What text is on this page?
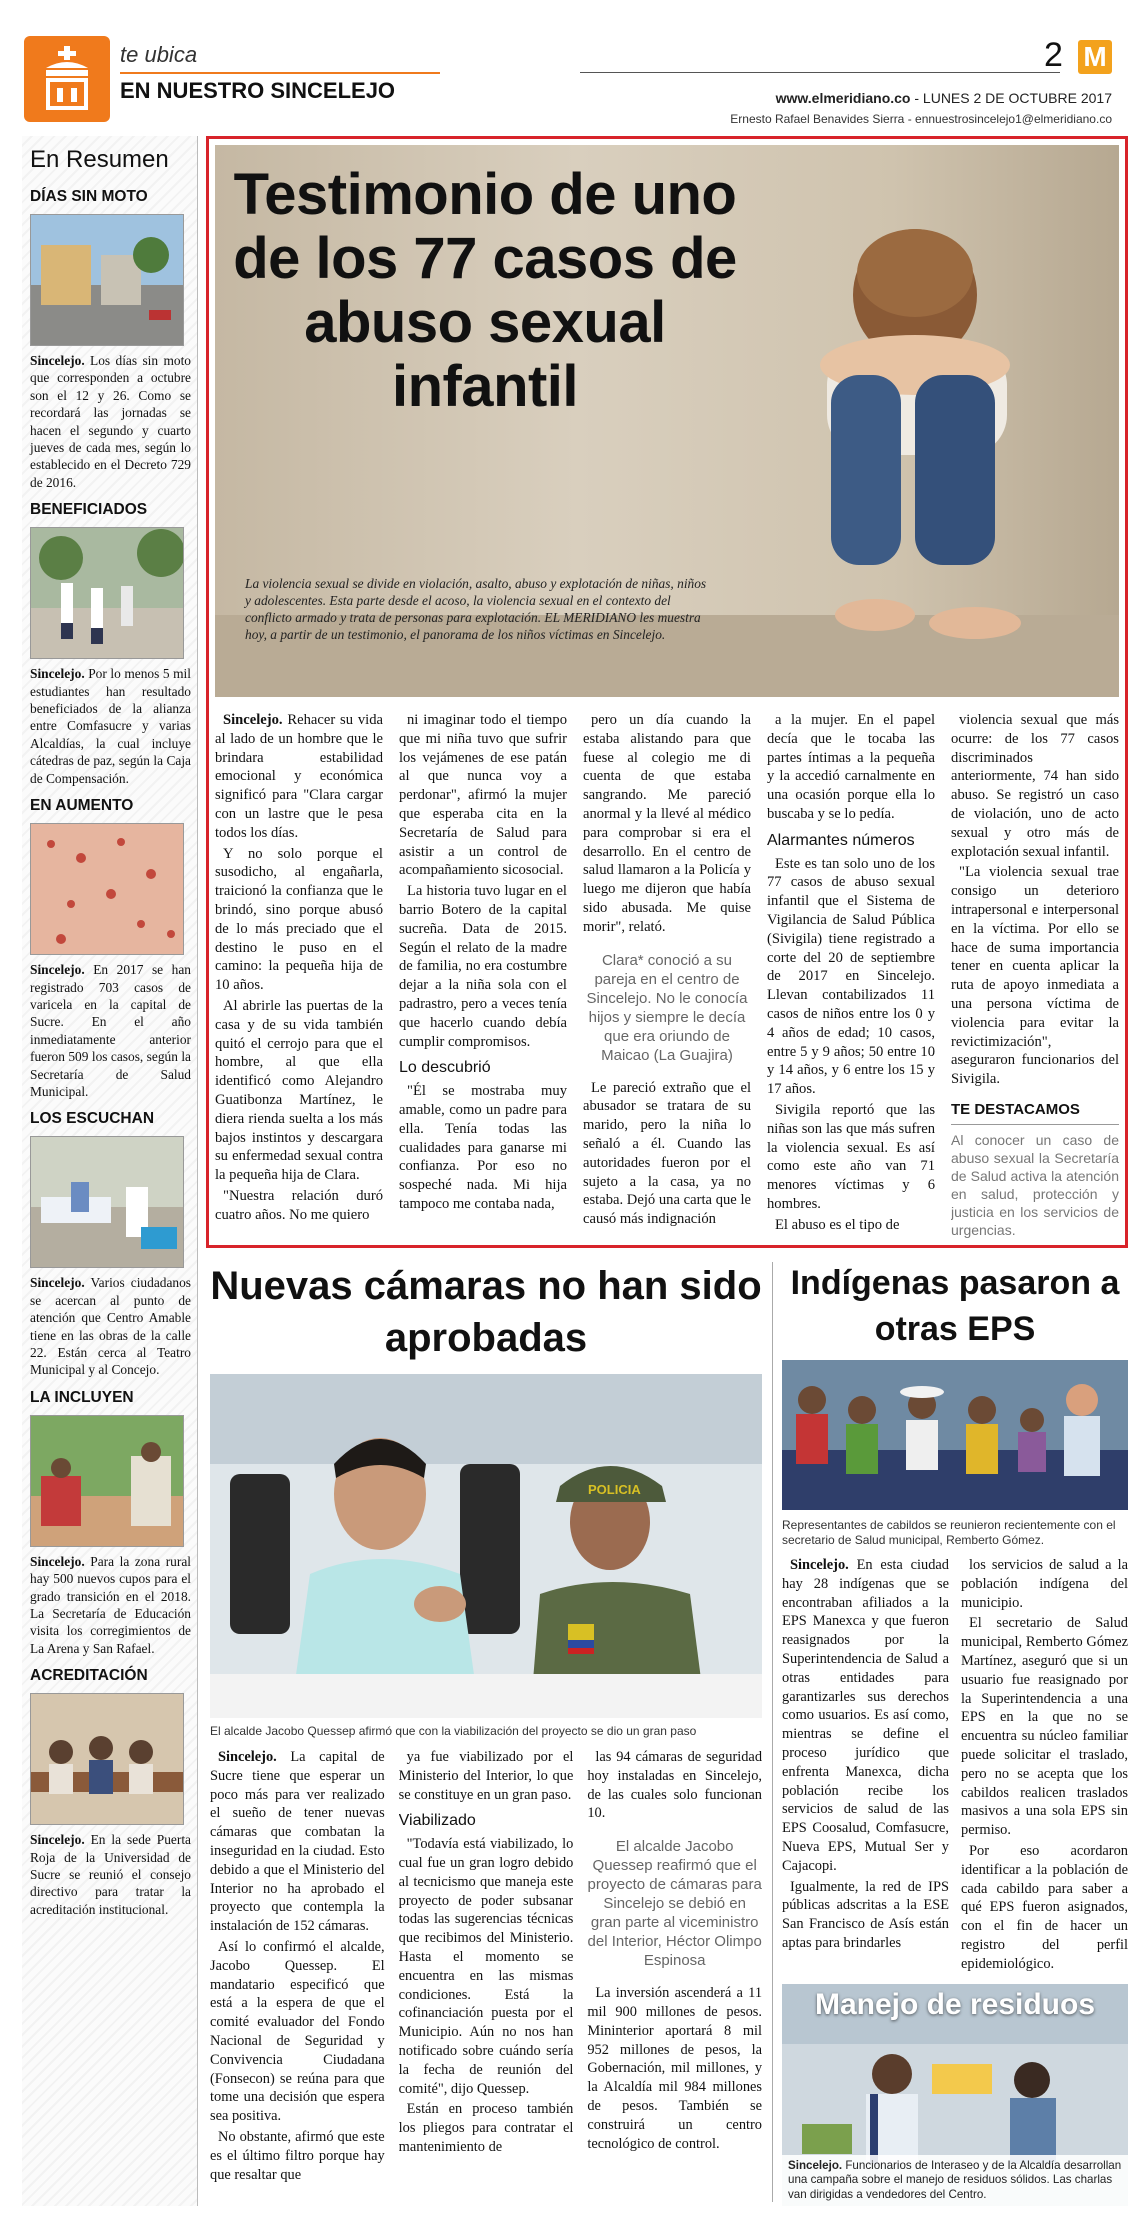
te ubica
EN NUESTRO SINCELEJO
2 M
www.elmeridiano.co - LUNES 2 DE OCTUBRE 2017
Ernesto Rafael Benavides Sierra - ennuestrosincelejo1@elmeridiano.co
En Resumen
DÍAS SIN MOTO
Sincelejo. Los días sin moto que corresponden a octubre son el 12 y 26. Como se recordará las jornadas se hacen el segundo y cuarto jueves de cada mes, según lo establecido en el Decreto 729 de 2016.
BENEFICIADOS
Sincelejo. Por lo menos 5 mil estudiantes han resultado beneficiados de la alianza entre Comfasucre y varias Alcaldías, la cual incluye cátedras de paz, según la Caja de Compensación.
EN AUMENTO
Sincelejo. En 2017 se han registrado 703 casos de varicela en la capital de Sucre. En el año inmediatamente anterior fueron 509 los casos, según la Secretaría de Salud Municipal.
LOS ESCUCHAN
Sincelejo. Varios ciudadanos se acercan al punto de atención que Centro Amable tiene en las obras de la calle 22. Están cerca al Teatro Municipal y al Concejo.
LA INCLUYEN
Sincelejo. Para la zona rural hay 500 nuevos cupos para el grado transición en el 2018. La Secretaría de Educación visita los corregimientos de La Arena y San Rafael.
ACREDITACIÓN
Sincelejo. En la sede Puerta Roja de la Universidad de Sucre se reunió el consejo directivo para tratar la acreditación institucional.
Testimonio de uno de los 77 casos de abuso sexual infantil
La violencia sexual se divide en violación, asalto, abuso y explotación de niñas, niños y adolescentes. Esta parte desde el acoso, la violencia sexual en el contexto del conflicto armado y trata de personas para explotación. EL MERIDIANO les muestra hoy, a partir de un testimonio, el panorama de los niños víctimas en Sincelejo.

Sincelejo. Rehacer su vida al lado de un hombre que le brindara estabilidad emocional y económica significó para "Clara cargar con un lastre que le pesa todos los días.

Y no solo porque el susodicho, al engañarla, traicionó la confianza que le brindó, sino porque abusó de lo más preciado que el destino le puso en el camino: la pequeña hija de 10 años.

Al abrirle las puertas de la casa y de su vida también quitó el cerrojo para que el hombre, al que ella identificó como Alejandro Guatibonza Martínez, le diera rienda suelta a los más bajos instintos y descargara su enfermedad sexual contra la pequeña hija de Clara.

"Nuestra relación duró cuatro años. No me quiero

ni imaginar todo el tiempo que mi niña tuvo que sufrir los vejámenes de ese patán al que nunca voy a perdonar", afirmó la mujer que esperaba cita en la Secretaría de Salud para asistir a un control de acompañamiento sicosocial.

La historia tuvo lugar en el barrio Botero de la capital sucreña. Data de 2015. Según el relato de la madre de familia, no era costumbre dejar a la niña sola con el padrastro, pero a veces tenía que hacerlo cuando debía cumplir compromisos.

Lo descubrió

"Él se mostraba muy amable, como un padre para ella. Tenía todas las cualidades para ganarse mi confianza. Por eso no sospeché nada. Mi hija tampoco me contaba nada,

pero un día cuando la estaba alistando para que fuese al colegio me di cuenta de que estaba sangrando. Me pareció anormal y la llevé al médico para comprobar si era el desarrollo. En el centro de salud llamaron a la Policía y luego me dijeron que había sido abusada. Me quise morir", relató.

Clara* conoció a su pareja en el centro de Sincelejo. No le conocía hijos y siempre le decía que era oriundo de Maicao (La Guajira)

Le pareció extraño que el abusador se tratara de su marido, pero la niña lo señaló a él. Cuando las autoridades fueron por el sujeto a la casa, ya no estaba. Dejó una carta que le causó más indignación

a la mujer. En el papel decía que le tocaba las partes íntimas a la pequeña y la accedió carnalmente en una ocasión porque ella lo buscaba y se lo pedía.

Alarmantes números

Este es tan solo uno de los 77 casos de abuso sexual infantil que el Sistema de Vigilancia de Salud Pública (Sivigila) tiene registrado a corte del 20 de septiembre de 2017 en Sincelejo. Llevan contabilizados 11 casos de niños entre los 0 y 4 años de edad; 10 casos, entre 5 y 9 años; 50 entre 10 y 14 años, y 6 entre los 15 y 17 años.

Sivigila reportó que las niñas son las que más sufren la violencia sexual. Es así como este año van 71 menores víctimas y 6 hombres.

El abuso es el tipo de

violencia sexual que más ocurre: de los 77 casos discriminados anteriormente, 74 han sido abuso. Se registró un caso de violación, uno de acto sexual y otro más de explotación sexual infantil.

"La violencia sexual trae consigo un deterioro intrapersonal e interpersonal en la víctima. Por ello se hace de suma importancia tener en cuenta aplicar la ruta de apoyo inmediata a una persona víctima de violencia para evitar la revictimización", aseguraron funcionarios del Sivigila.

TE DESTACAMOS
Al conocer un caso de abuso sexual la Secretaría de Salud activa la atención en salud, protección y justicia en los servicios de urgencias.
Nuevas cámaras no han sido aprobadas
POLICIA
El alcalde Jacobo Quessep afirmó que con la viabilización del proyecto se dio un gran paso

Sincelejo. La capital de Sucre tiene que esperar un poco más para ver realizado el sueño de tener nuevas cámaras que combatan la inseguridad en la ciudad. Esto debido a que el Ministerio del Interior no ha aprobado el proyecto que contempla la instalación de 152 cámaras.

Así lo confirmó el alcalde, Jacobo Quessep. El mandatario especificó que está a la espera de que el comité evaluador del Fondo Nacional de Seguridad y Convivencia Ciudadana (Fonsecon) se reúna para que tome una decisión que espera sea positiva.

No obstante, afirmó que este es el último filtro porque hay que resaltar que

ya fue viabilizado por el Ministerio del Interior, lo que se constituye en un gran paso.

Viabilizado

"Todavía está viabilizado, lo cual fue un gran logro debido al tecnicismo que maneja este proyecto de poder subsanar todas las sugerencias técnicas que recibimos del Ministerio. Hasta el momento se encuentra en las mismas condiciones. Está la cofinanciación puesta por el Municipio. Aún no nos han notificado sobre cuándo sería la fecha de reunión del comité", dijo Quessep.

Están en proceso también los pliegos para contratar el mantenimiento de

las 94 cámaras de seguridad hoy instaladas en Sincelejo, de las cuales solo funcionan 10.

El alcalde Jacobo Quessep reafirmó que el proyecto de cámaras para Sincelejo se debió en gran parte al viceministro del Interior, Héctor Olimpo Espinosa

La inversión ascenderá a 11 mil 900 millones de pesos. Mininterior aportará 8 mil 952 millones de pesos, la Gobernación, mil millones, y la Alcaldía mil 984 millones de pesos. También se construirá un centro tecnológico de control.

Indígenas pasaron a otras EPS
Representantes de cabildos se reunieron recientemente con el secretario de Salud municipal, Remberto Gómez.

Sincelejo. En esta ciudad hay 28 indígenas que se encontraban afiliados a la EPS Manexca y que fueron reasignados por la Superintendencia de Salud a otras entidades para garantizarles sus derechos como usuarios. Es así como, mientras se define el proceso jurídico que enfrenta Manexca, dicha población recibe los servicios de salud de las EPS Coosalud, Comfasucre, Nueva EPS, Mutual Ser y Cajacopi.

Igualmente, la red de IPS públicas adscritas a la ESE San Francisco de Asís están aptas para brindarles

los servicios de salud a la población indígena del municipio.

El secretario de Salud municipal, Remberto Gómez Martínez, aseguró que si un usuario fue reasignado por la Superintendencia a una EPS en la que no se encuentra su núcleo familiar puede solicitar el traslado, pero no se acepta que los cabildos realicen traslados masivos a una sola EPS sin permiso.

Por eso acordaron identificar a la población de cada cabildo para saber a qué EPS fueron asignados, con el fin de hacer un registro del perfil epidemiológico.

Manejo de residuos
Sincelejo. Funcionarios de Interaseo y de la Alcaldía desarrollan una campaña sobre el manejo de residuos sólidos. Las charlas van dirigidas a vendedores del Centro.
